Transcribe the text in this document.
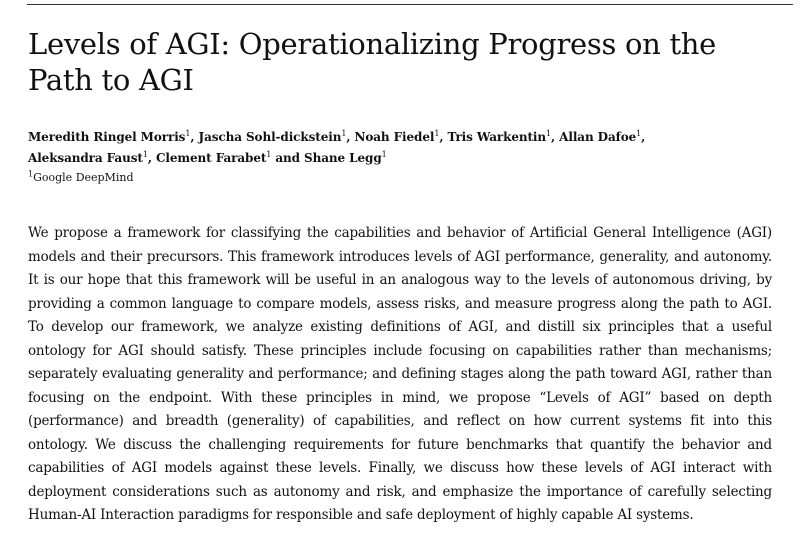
Levels of AGI: Operationalizing Progress on the Path to AGI
Meredith Ringel Morris$^1$, Jascha Sohl-dickstein$^1$, Noah Fiedel$^1$, Tris Warkentin$^1$, Allan Dafoe$^1$,
Aleksandra Faust$^1$, Clement Farabet$^1$ and Shane Legg$^1$
$^1$Google DeepMind

We propose a framework for classifying the capabilities and behavior of Artificial General Intelligence (AGI) models and their precursors. This framework introduces levels of AGI performance, generality, and autonomy. It is our hope that this framework will be useful in an analogous way to the levels of autonomous driving, by providing a common language to compare models, assess risks, and measure progress along the path to AGI. To develop our framework, we analyze existing definitions of AGI, and distill six principles that a useful ontology for AGI should satisfy. These principles include focusing on capabilities rather than mechanisms; separately evaluating generality and performance; and defining stages along the path toward AGI, rather than focusing on the endpoint. With these principles in mind, we propose “Levels of AGI” based on depth (performance) and breadth (generality) of capabilities, and reflect on how current systems fit into this ontology. We discuss the challenging requirements for future benchmarks that quantify the behavior and capabilities of AGI models against these levels. Finally, we discuss how these levels of AGI interact with deployment considerations such as autonomy and risk, and emphasize the importance of carefully selecting Human-AI Interaction paradigms for responsible and safe deployment of highly capable AI systems.
